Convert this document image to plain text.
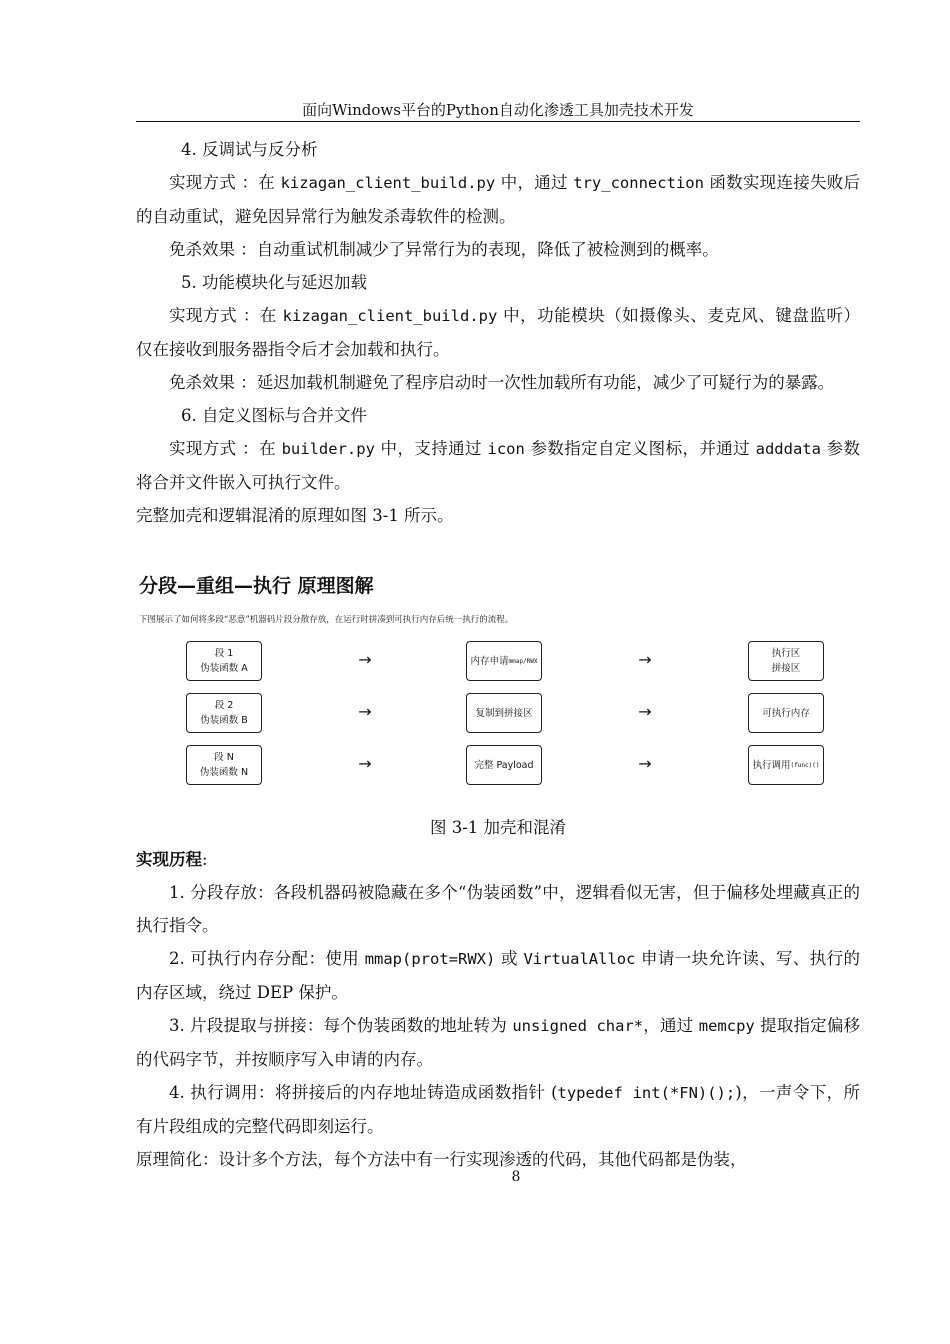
面向Windows平台的Python自动化渗透工具加壳技术开发

4. 反调试与反分析

实现方式 ：在 kizagan_client_build.py 中，通过 try_connection 函数实现连接失败后的自动重试，避免因异常行为触发杀毒软件的检测。

免杀效果 ：自动重试机制减少了异常行为的表现，降低了被检测到的概率。

5. 功能模块化与延迟加载

实现方式 ：在 kizagan_client_build.py 中，功能模块（如摄像头、麦克风、键盘监听）仅在接收到服务器指令后才会加载和执行。

免杀效果 ：延迟加载机制避免了程序启动时一次性加载所有功能，减少了可疑行为的暴露。

6. 自定义图标与合并文件

实现方式 ：在 builder.py 中，支持通过 icon 参数指定自定义图标，并通过 adddata 参数将合并文件嵌入可执行文件。

完整加壳和逻辑混淆的原理如图 3-1 所示。

分段—重组—执行 原理图解
下图展示了如何将多段“恶意”机器码片段分散存放，在运行时拼凑到可执行内存后统一执行的流程。
段 1
伪装函数 A	→	内存申请 mmap/RWX	→	执行区
拼接区
段 2
伪装函数 B	→	复制到拼接区	→	可执行内存
段 N
伪装函数 N	→	完整 Payload	→	执行调用 (func)()
图 3-1 加壳和混淆

实现历程:

1. 分段存放：各段机器码被隐藏在多个“伪装函数”中，逻辑看似无害，但于偏移处埋藏真正的执行指令。

2. 可执行内存分配：使用 mmap(prot=RWX) 或 VirtualAlloc 申请一块允许读、写、执行的内存区域，绕过 DEP 保护。

3. 片段提取与拼接：每个伪装函数的地址转为 unsigned char*，通过 memcpy 提取指定偏移的代码字节，并按顺序写入申请的内存。

4. 执行调用：将拼接后的内存地址铸造成函数指针 (typedef int(*FN)();)，一声令下，所有片段组成的完整代码即刻运行。

原理简化：设计多个方法，每个方法中有一行实现渗透的代码，其他代码都是伪装，

8
